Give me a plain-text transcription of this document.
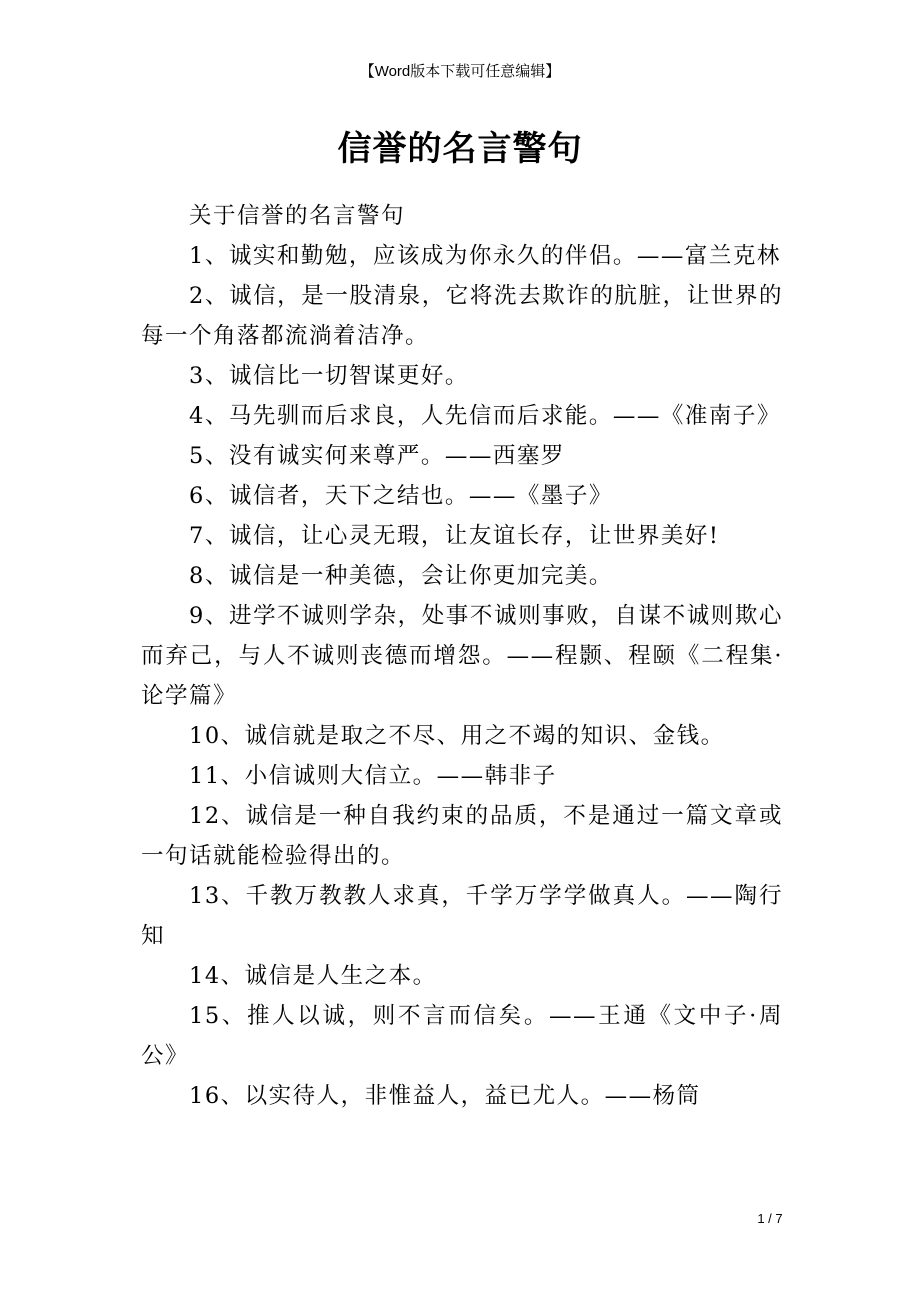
【Word版本下载可任意编辑】
信誉的名言警句

关于信誉的名言警句

1、诚实和勤勉，应该成为你永久的伴侣。——富兰克林

2、诚信，是一股清泉，它将洗去欺诈的肮脏，让世界的每一个角落都流淌着洁净。

3、诚信比一切智谋更好。

4、马先驯而后求良，人先信而后求能。——《准南子》

5、没有诚实何来尊严。——西塞罗

6、诚信者，天下之结也。——《墨子》

7、诚信，让心灵无瑕，让友谊长存，让世界美好!

8、诚信是一种美德，会让你更加完美。

9、进学不诚则学杂，处事不诚则事败，自谋不诚则欺心而弃己，与人不诚则丧德而增怨。——程颢、程颐《二程集·论学篇》

10、诚信就是取之不尽、用之不竭的知识、金钱。

11、小信诚则大信立。——韩非子

12、诚信是一种自我约束的品质，不是通过一篇文章或一句话就能检验得出的。

13、千教万教教人求真，千学万学学做真人。——陶行知

14、诚信是人生之本。

15、推人以诚，则不言而信矣。——王通《文中子·周公》

16、以实待人，非惟益人，益已尤人。——杨筒

1 / 7
